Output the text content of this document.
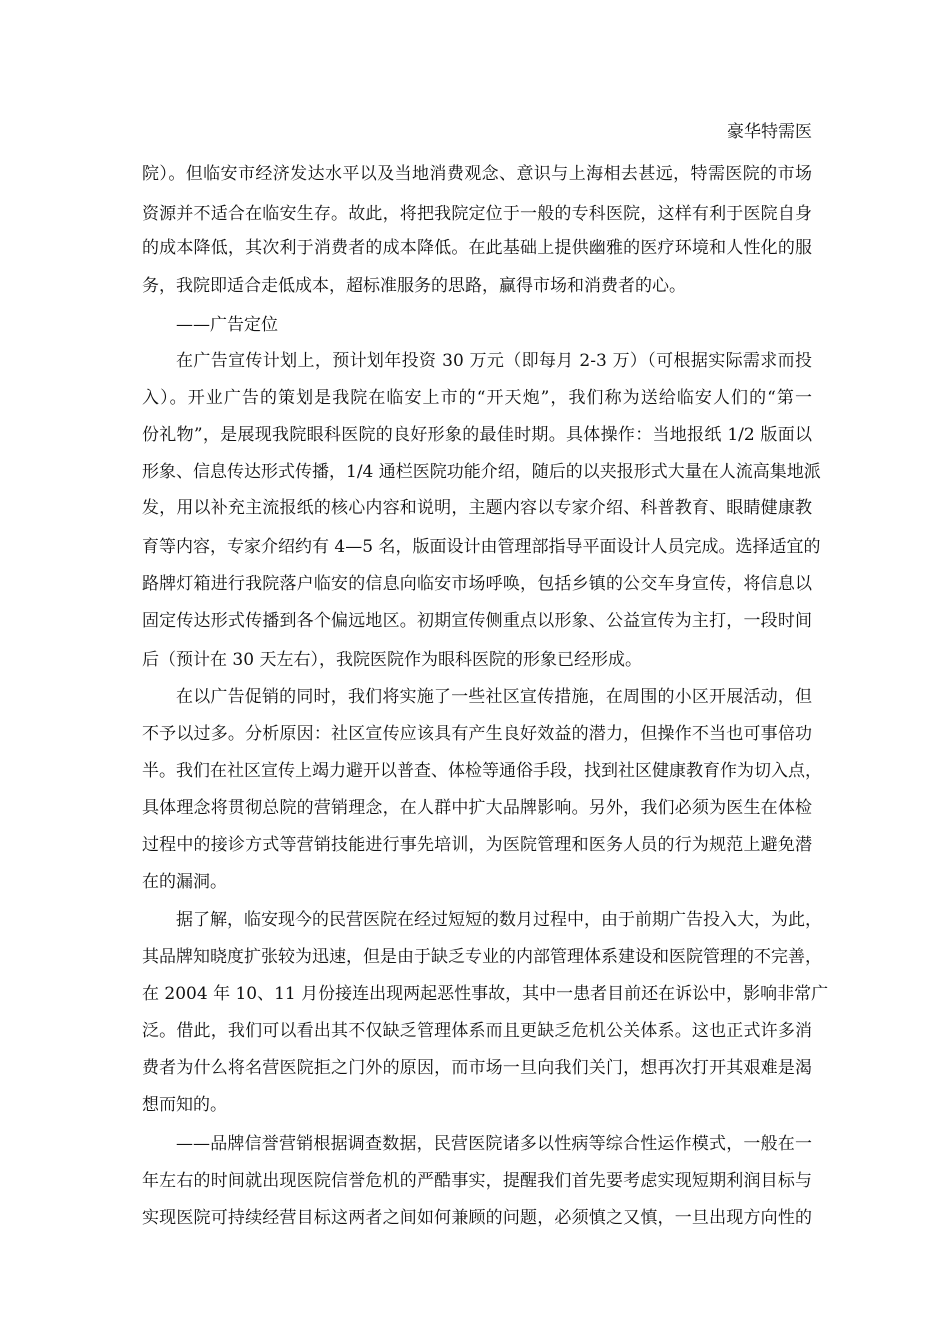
豪华特需医
院）。但临安市经济发达水平以及当地消费观念、意识与上海相去甚远，特需医院的市场
资源并不适合在临安生存。故此，将把我院定位于一般的专科医院，这样有利于医院自身
的成本降低，其次利于消费者的成本降低。在此基础上提供幽雅的医疗环境和人性化的服
务，我院即适合走低成本，超标准服务的思路，赢得市场和消费者的心。
——广告定位
在广告宣传计划上，预计划年投资 30 万元（即每月 2-3 万）（可根据实际需求而投
入）。开业广告的策划是我院在临安上市的“开天炮”，我们称为送给临安人们的“第一
份礼物”，是展现我院眼科医院的良好形象的最佳时期。具体操作：当地报纸 1/2 版面以
形象、信息传达形式传播，1/4 通栏医院功能介绍，随后的以夹报形式大量在人流高集地派
发，用以补充主流报纸的核心内容和说明，主题内容以专家介绍、科普教育、眼睛健康教
育等内容，专家介绍约有 4—5 名，版面设计由管理部指导平面设计人员完成。选择适宜的
路牌灯箱进行我院落户临安的信息向临安市场呼唤，包括乡镇的公交车身宣传，将信息以
固定传达形式传播到各个偏远地区。初期宣传侧重点以形象、公益宣传为主打，一段时间
后（预计在 30 天左右），我院医院作为眼科医院的形象已经形成。
在以广告促销的同时，我们将实施了一些社区宣传措施，在周围的小区开展活动，但
不予以过多。分析原因：社区宣传应该具有产生良好效益的潜力，但操作不当也可事倍功
半。我们在社区宣传上竭力避开以普查、体检等通俗手段，找到社区健康教育作为切入点，
具体理念将贯彻总院的营销理念，在人群中扩大品牌影响。另外，我们必须为医生在体检
过程中的接诊方式等营销技能进行事先培训，为医院管理和医务人员的行为规范上避免潜
在的漏洞。
据了解，临安现今的民营医院在经过短短的数月过程中，由于前期广告投入大，为此，
其品牌知晓度扩张较为迅速，但是由于缺乏专业的内部管理体系建设和医院管理的不完善，
在 2004 年 10、11 月份接连出现两起恶性事故，其中一患者目前还在诉讼中，影响非常广
泛。借此，我们可以看出其不仅缺乏管理体系而且更缺乏危机公关体系。这也正式许多消
费者为什么将名营医院拒之门外的原因，而市场一旦向我们关门，想再次打开其艰难是渴
想而知的。
——品牌信誉营销根据调查数据，民营医院诸多以性病等综合性运作模式，一般在一
年左右的时间就出现医院信誉危机的严酷事实，提醒我们首先要考虑实现短期利润目标与
实现医院可持续经营目标这两者之间如何兼顾的问题，必须慎之又慎，一旦出现方向性的
